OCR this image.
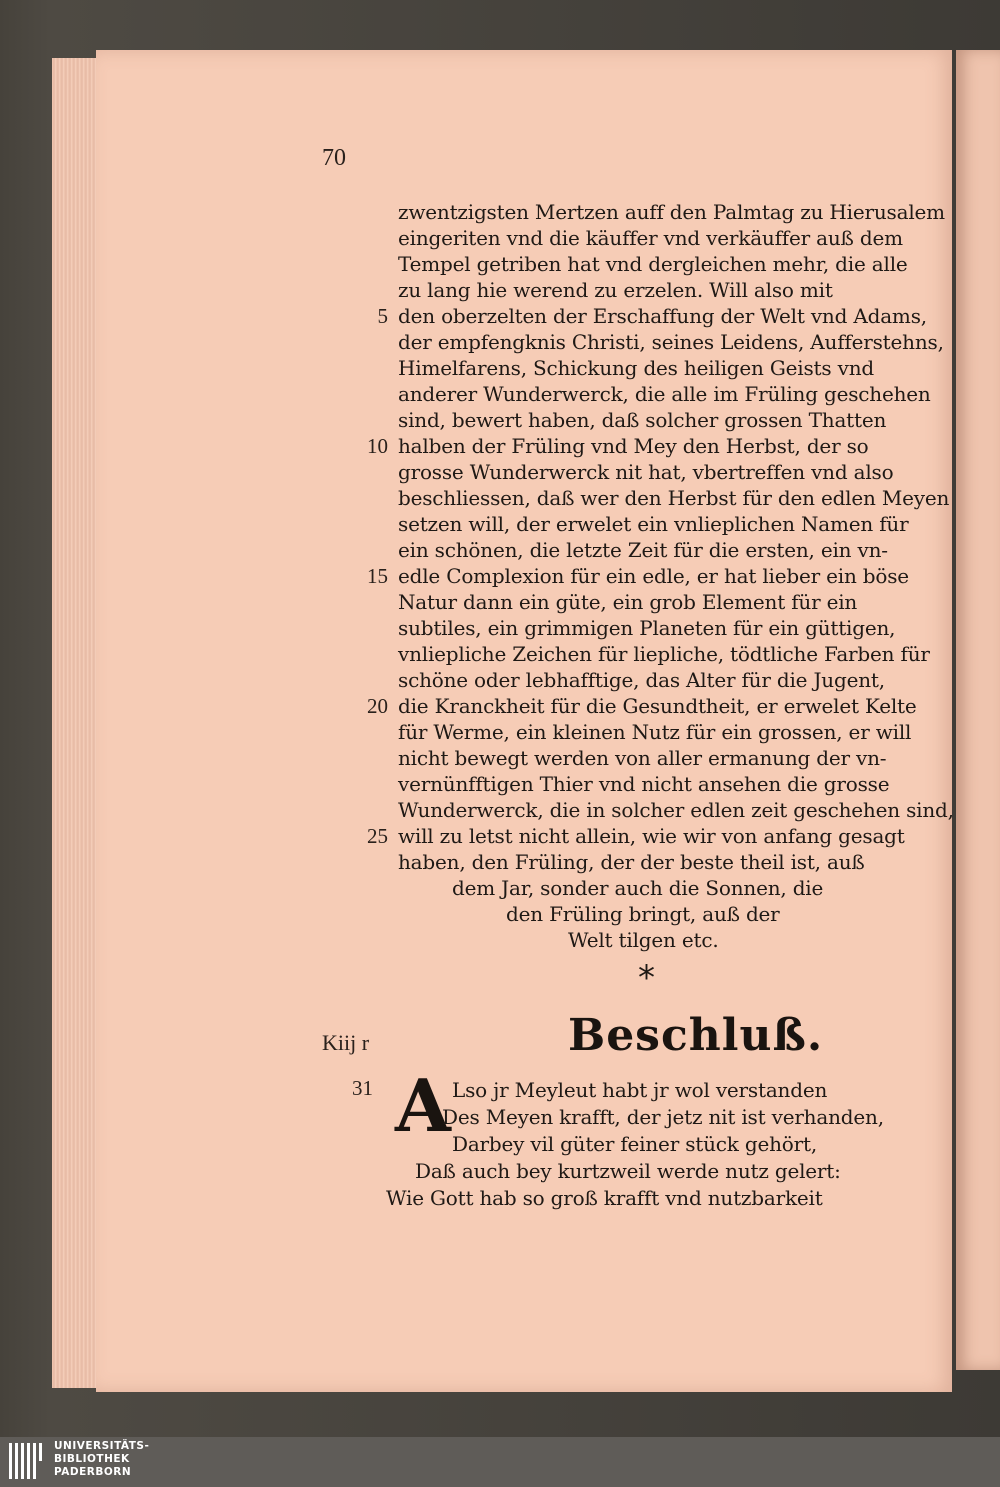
70
zwentzigsten Mertzen auff den Palmtag zu Hierusalem
eingeriten vnd die käuffer vnd verkäuffer auß dem
Tempel getriben hat vnd dergleichen mehr, die alle
zu lang hie werend zu erzelen. Will also mit
den oberzelten der Erschaffung der Welt vnd Adams,
der empfengknis Christi, seines Leidens, Aufferstehns,
Himelfarens, Schickung des heiligen Geists vnd
anderer Wunderwerck, die alle im Früling geschehen
sind, bewert haben, daß solcher grossen Thatten
halben der Früling vnd Mey den Herbst, der so
grosse Wunderwerck nit hat, vbertreffen vnd also
beschliessen, daß wer den Herbst für den edlen Meyen
setzen will, der erwelet ein vnlieplichen Namen für
ein schönen, die letzte Zeit für die ersten, ein vn-
edle Complexion für ein edle, er hat lieber ein böse
Natur dann ein güte, ein grob Element für ein
subtiles, ein grimmigen Planeten für ein güttigen,
vnliepliche Zeichen für liepliche, tödtliche Farben für
schöne oder lebhafftige, das Alter für die Jugent,
die Kranckheit für die Gesundtheit, er erwelet Kelte
für Werme, ein kleinen Nutz für ein grossen, er will
nicht bewegt werden von aller ermanung der vn-
vernünfftigen Thier vnd nicht ansehen die grosse
Wunderwerck, die in solcher edlen zeit geschehen sind,
will zu letst nicht allein, wie wir von anfang gesagt
haben, den Früling, der der beste theil ist, auß
dem Jar, sonder auch die Sonnen, die
den Früling bringt, auß der
Welt tilgen etc.
5
10
15
20
25
*
Beschluß.
Kiij r
31 A Lso jr Meyleut habt jr wol verstanden
Des Meyen krafft, der jetz nit ist verhanden,
Darbey vil güter feiner stück gehört,
Daß auch bey kurtzweil werde nutz gelert:
Wie Gott hab so groß krafft vnd nutzbarkeit
UNIVERSITÄTS-
BIBLIOTHEK
PADERBORN
